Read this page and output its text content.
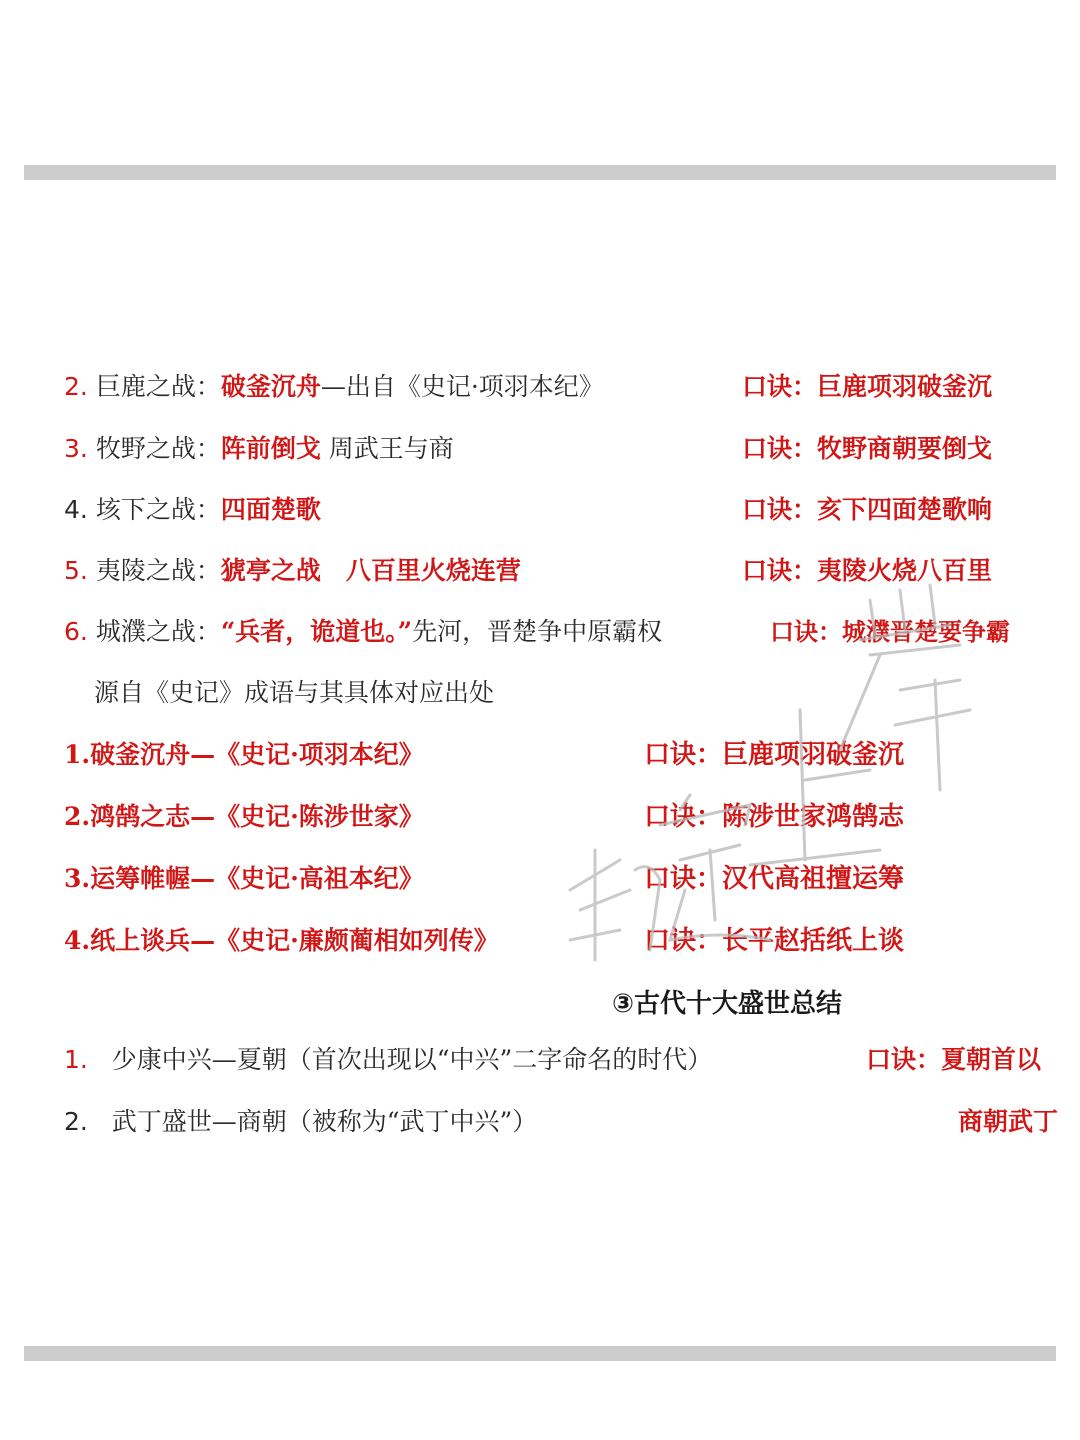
2. 巨鹿之战：破釜沉舟—出自《史记·项羽本纪》	口诀：巨鹿项羽破釜沉
3. 牧野之战：阵前倒戈 周武王与商	口诀：牧野商朝要倒戈
4. 垓下之战：四面楚歌	口诀：亥下四面楚歌响
5. 夷陵之战：猇亭之战　八百里火烧连营	口诀：夷陵火烧八百里
6. 城濮之战：“兵者，诡道也。”先河，晋楚争中原霸权	口诀：城濮晋楚要争霸
源自《史记》成语与其具体对应出处
1.破釜沉舟—《史记·项羽本纪》	口诀：巨鹿项羽破釜沉
2.鸿鹄之志—《史记·陈涉世家》	口诀：陈涉世家鸿鹄志
3.运筹帷幄—《史记·高祖本纪》	口诀：汉代高祖擅运筹
4.纸上谈兵—《史记·廉颇蔺相如列传》	口诀：长平赵括纸上谈
③古代十大盛世总结
1. 少康中兴—夏朝（首次出现以“中兴”二字命名的时代）	口诀：夏朝首以
2. 武丁盛世—商朝（被称为“武丁中兴”）	商朝武丁
